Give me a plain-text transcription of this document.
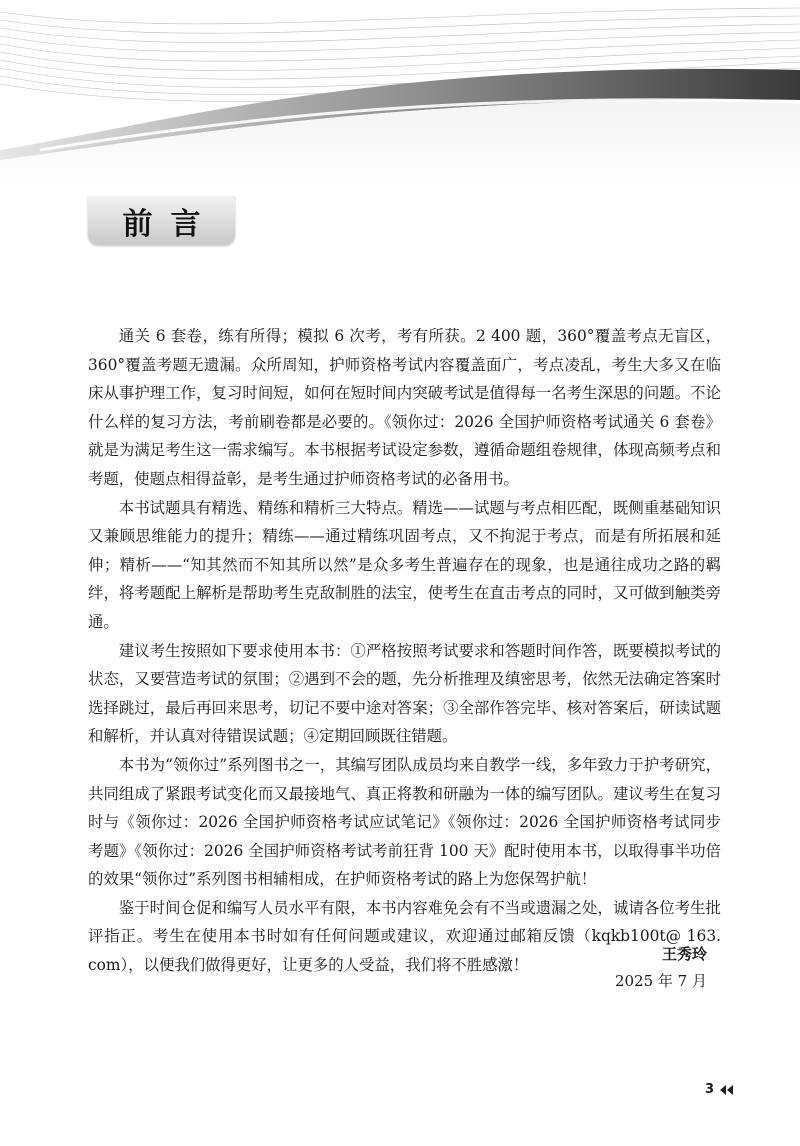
前言

通关 6 套卷，练有所得；模拟 6 次考，考有所获。2 400 题，360°覆盖考点无盲区，360°覆盖考题无遗漏。众所周知，护师资格考试内容覆盖面广，考点凌乱，考生大多又在临床从事护理工作，复习时间短，如何在短时间内突破考试是值得每一名考生深思的问题。不论什么样的复习方法，考前刷卷都是必要的。《领你过：2026 全国护师资格考试通关 6 套卷》就是为满足考生这一需求编写。本书根据考试设定参数，遵循命题组卷规律，体现高频考点和考题，使题点相得益彰，是考生通过护师资格考试的必备用书。

本书试题具有精选、精练和精析三大特点。精选——试题与考点相匹配，既侧重基础知识又兼顾思维能力的提升；精练——通过精练巩固考点，又不拘泥于考点，而是有所拓展和延伸；精析——“知其然而不知其所以然”是众多考生普遍存在的现象，也是通往成功之路的羁绊，将考题配上解析是帮助考生克敌制胜的法宝，使考生在直击考点的同时，又可做到触类旁通。

建议考生按照如下要求使用本书：①严格按照考试要求和答题时间作答，既要模拟考试的状态，又要营造考试的氛围；②遇到不会的题，先分析推理及缜密思考，依然无法确定答案时选择跳过，最后再回来思考，切记不要中途对答案；③全部作答完毕、核对答案后，研读试题和解析，并认真对待错误试题；④定期回顾既往错题。

本书为“领你过”系列图书之一，其编写团队成员均来自教学一线，多年致力于护考研究，共同组成了紧跟考试变化而又最接地气、真正将教和研融为一体的编写团队。建议考生在复习时与《领你过：2026 全国护师资格考试应试笔记》《领你过：2026 全国护师资格考试同步考题》《领你过：2026 全国护师资格考试考前狂背 100 天》配时使用本书，以取得事半功倍的效果“领你过”系列图书相辅相成，在护师资格考试的路上为您保驾护航！

鉴于时间仓促和编写人员水平有限，本书内容难免会有不当或遗漏之处，诚请各位考生批评指正。考生在使用本书时如有任何问题或建议，欢迎通过邮箱反馈（kqkb100t@ 163. com），以便我们做得更好，让更多的人受益，我们将不胜感激！

王秀玲
2025 年 7 月
3
